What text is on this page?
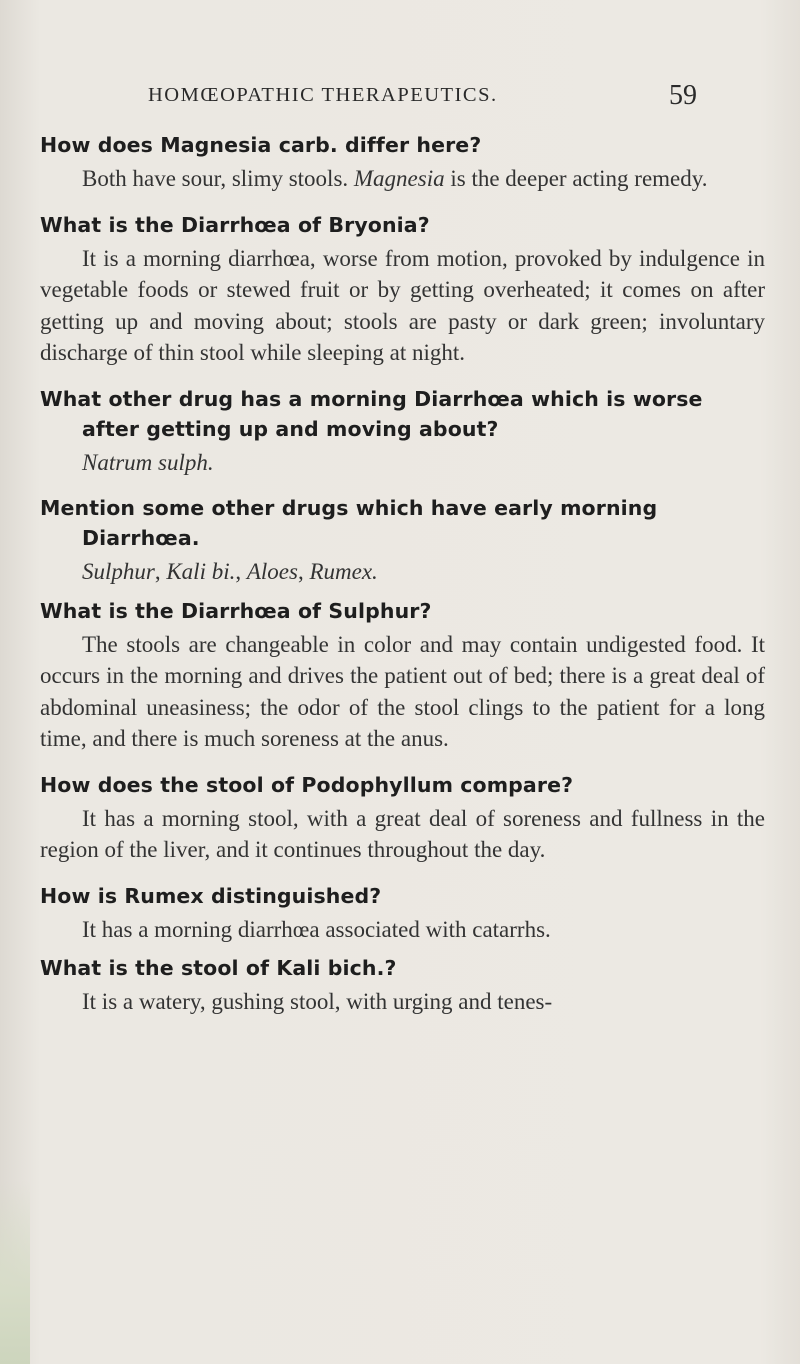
HOMŒOPATHIC THERAPEUTICS.	59

How does Magnesia carb. differ here?

Both have sour, slimy stools. Magnesia is the deeper acting remedy.

What is the Diarrhœa of Bryonia?

It is a morning diarrhœa, worse from motion, provoked by indulgence in vegetable foods or stewed fruit or by getting overheated; it comes on after getting up and moving about; stools are pasty or dark green; involuntary discharge of thin stool while sleeping at night.

What other drug has a morning Diarrhœa which is worse after getting up and moving about?

Natrum sulph.

Mention some other drugs which have early morning Diarrhœa.

Sulphur, Kali bi., Aloes, Rumex.

What is the Diarrhœa of Sulphur?

The stools are changeable in color and may contain undigested food. It occurs in the morning and drives the patient out of bed; there is a great deal of abdominal uneasiness; the odor of the stool clings to the patient for a long time, and there is much soreness at the anus.

How does the stool of Podophyllum compare?

It has a morning stool, with a great deal of soreness and fullness in the region of the liver, and it continues throughout the day.

How is Rumex distinguished?

It has a morning diarrhœa associated with catarrhs.

What is the stool of Kali bich.?

It is a watery, gushing stool, with urging and tenes-
